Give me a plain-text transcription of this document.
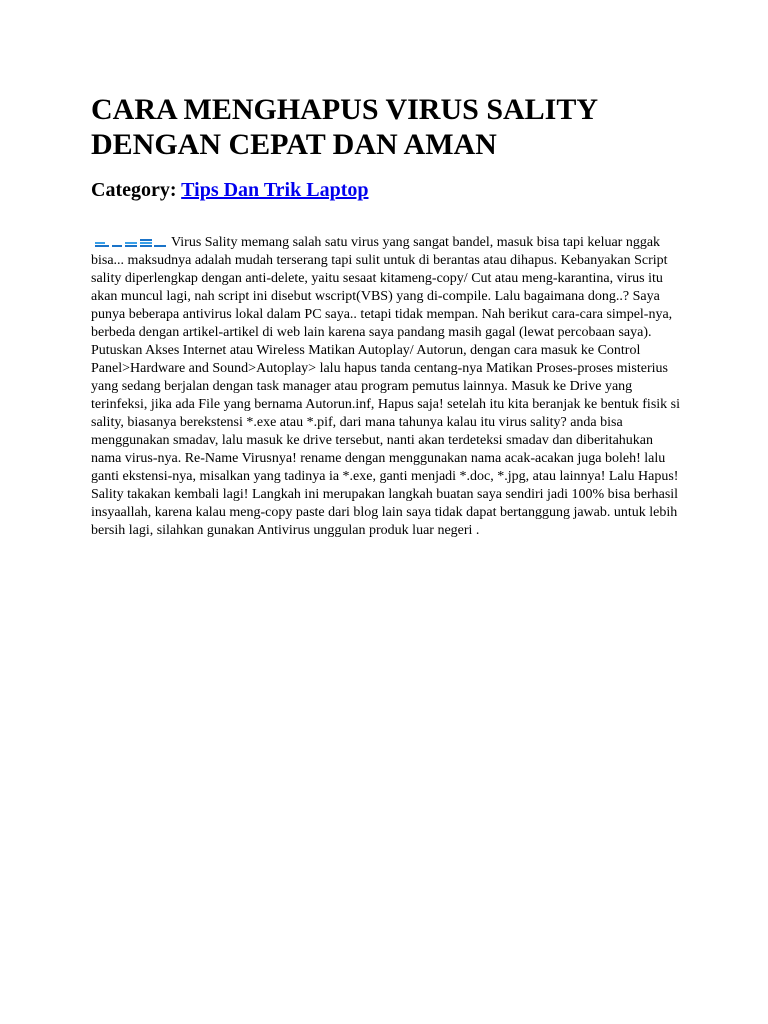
CARA MENGHAPUS VIRUS SALITY DENGAN CEPAT DAN AMAN
Category: Tips Dan Trik Laptop
Virus Sality memang salah satu virus yang sangat bandel, masuk bisa tapi keluar nggak bisa... maksudnya adalah mudah terserang tapi sulit untuk di berantas atau dihapus. Kebanyakan Script sality diperlengkap dengan anti-delete, yaitu sesaat kitameng-copy/ Cut atau meng-karantina, virus itu akan muncul lagi, nah script ini disebut wscript(VBS) yang di-compile. Lalu bagaimana dong..? Saya punya beberapa antivirus lokal dalam PC saya.. tetapi tidak mempan. Nah berikut cara-cara simpel-nya, berbeda dengan artikel-artikel di web lain karena saya pandang masih gagal (lewat percobaan saya). Putuskan Akses Internet atau Wireless Matikan Autoplay/ Autorun, dengan cara masuk ke Control Panel>Hardware and Sound>Autoplay> lalu hapus tanda centang-nya Matikan Proses-proses misterius yang sedang berjalan dengan task manager atau program pemutus lainnya. Masuk ke Drive yang terinfeksi, jika ada File yang bernama Autorun.inf, Hapus saja! setelah itu kita beranjak ke bentuk fisik si sality, biasanya berekstensi *.exe atau *.pif, dari mana tahunya kalau itu virus sality? anda bisa menggunakan smadav, lalu masuk ke drive tersebut, nanti akan terdeteksi smadav dan diberitahukan nama virus-nya. Re-Name Virusnya! rename dengan menggunakan nama acak-acakan juga boleh! lalu ganti ekstensi-nya, misalkan yang tadinya ia *.exe, ganti menjadi *.doc, *.jpg, atau lainnya! Lalu Hapus! Sality takakan kembali lagi! Langkah ini merupakan langkah buatan saya sendiri jadi 100% bisa berhasil insyaallah, karena kalau meng-copy paste dari blog lain saya tidak dapat bertanggung jawab. untuk lebih bersih lagi, silahkan gunakan Antivirus unggulan produk luar negeri .
